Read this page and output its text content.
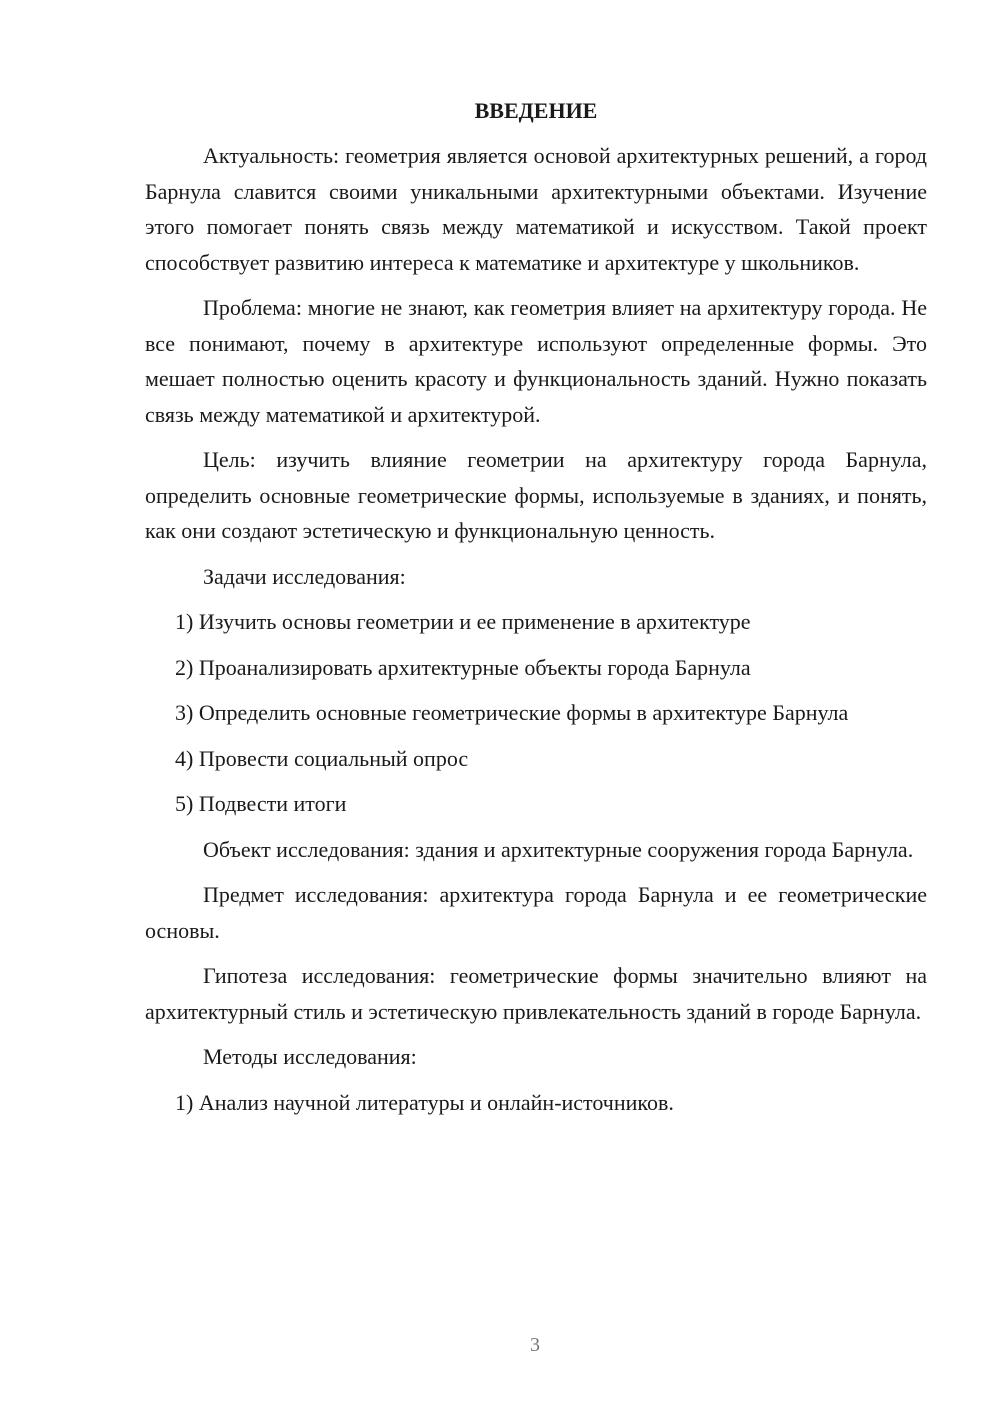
ВВЕДЕНИЕ

Актуальность: геометрия является основой архитектурных решений, а город Барнула славится своими уникальными архитектурными объектами. Изучение этого помогает понять связь между математикой и искусством. Такой проект способствует развитию интереса к математике и архитектуре у школьников.

Проблема: многие не знают, как геометрия влияет на архитектуру города. Не все понимают, почему в архитектуре используют определенные формы. Это мешает полностью оценить красоту и функциональность зданий. Нужно показать связь между математикой и архитектурой.

Цель: изучить влияние геометрии на архитектуру города Барнула, определить основные геометрические формы, используемые в зданиях, и понять, как они создают эстетическую и функциональную ценность.

Задачи исследования:

1) Изучить основы геометрии и ее применение в архитектуре

2) Проанализировать архитектурные объекты города Барнула

3) Определить основные геометрические формы в архитектуре Барнула

4) Провести социальный опрос

5) Подвести итоги

Объект исследования: здания и архитектурные сооружения города Барнула.

Предмет исследования: архитектура города Барнула и ее геометрические основы.

Гипотеза исследования: геометрические формы значительно влияют на архитектурный стиль и эстетическую привлекательность зданий в городе Барнула.

Методы исследования:

1) Анализ научной литературы и онлайн-источников.

3
